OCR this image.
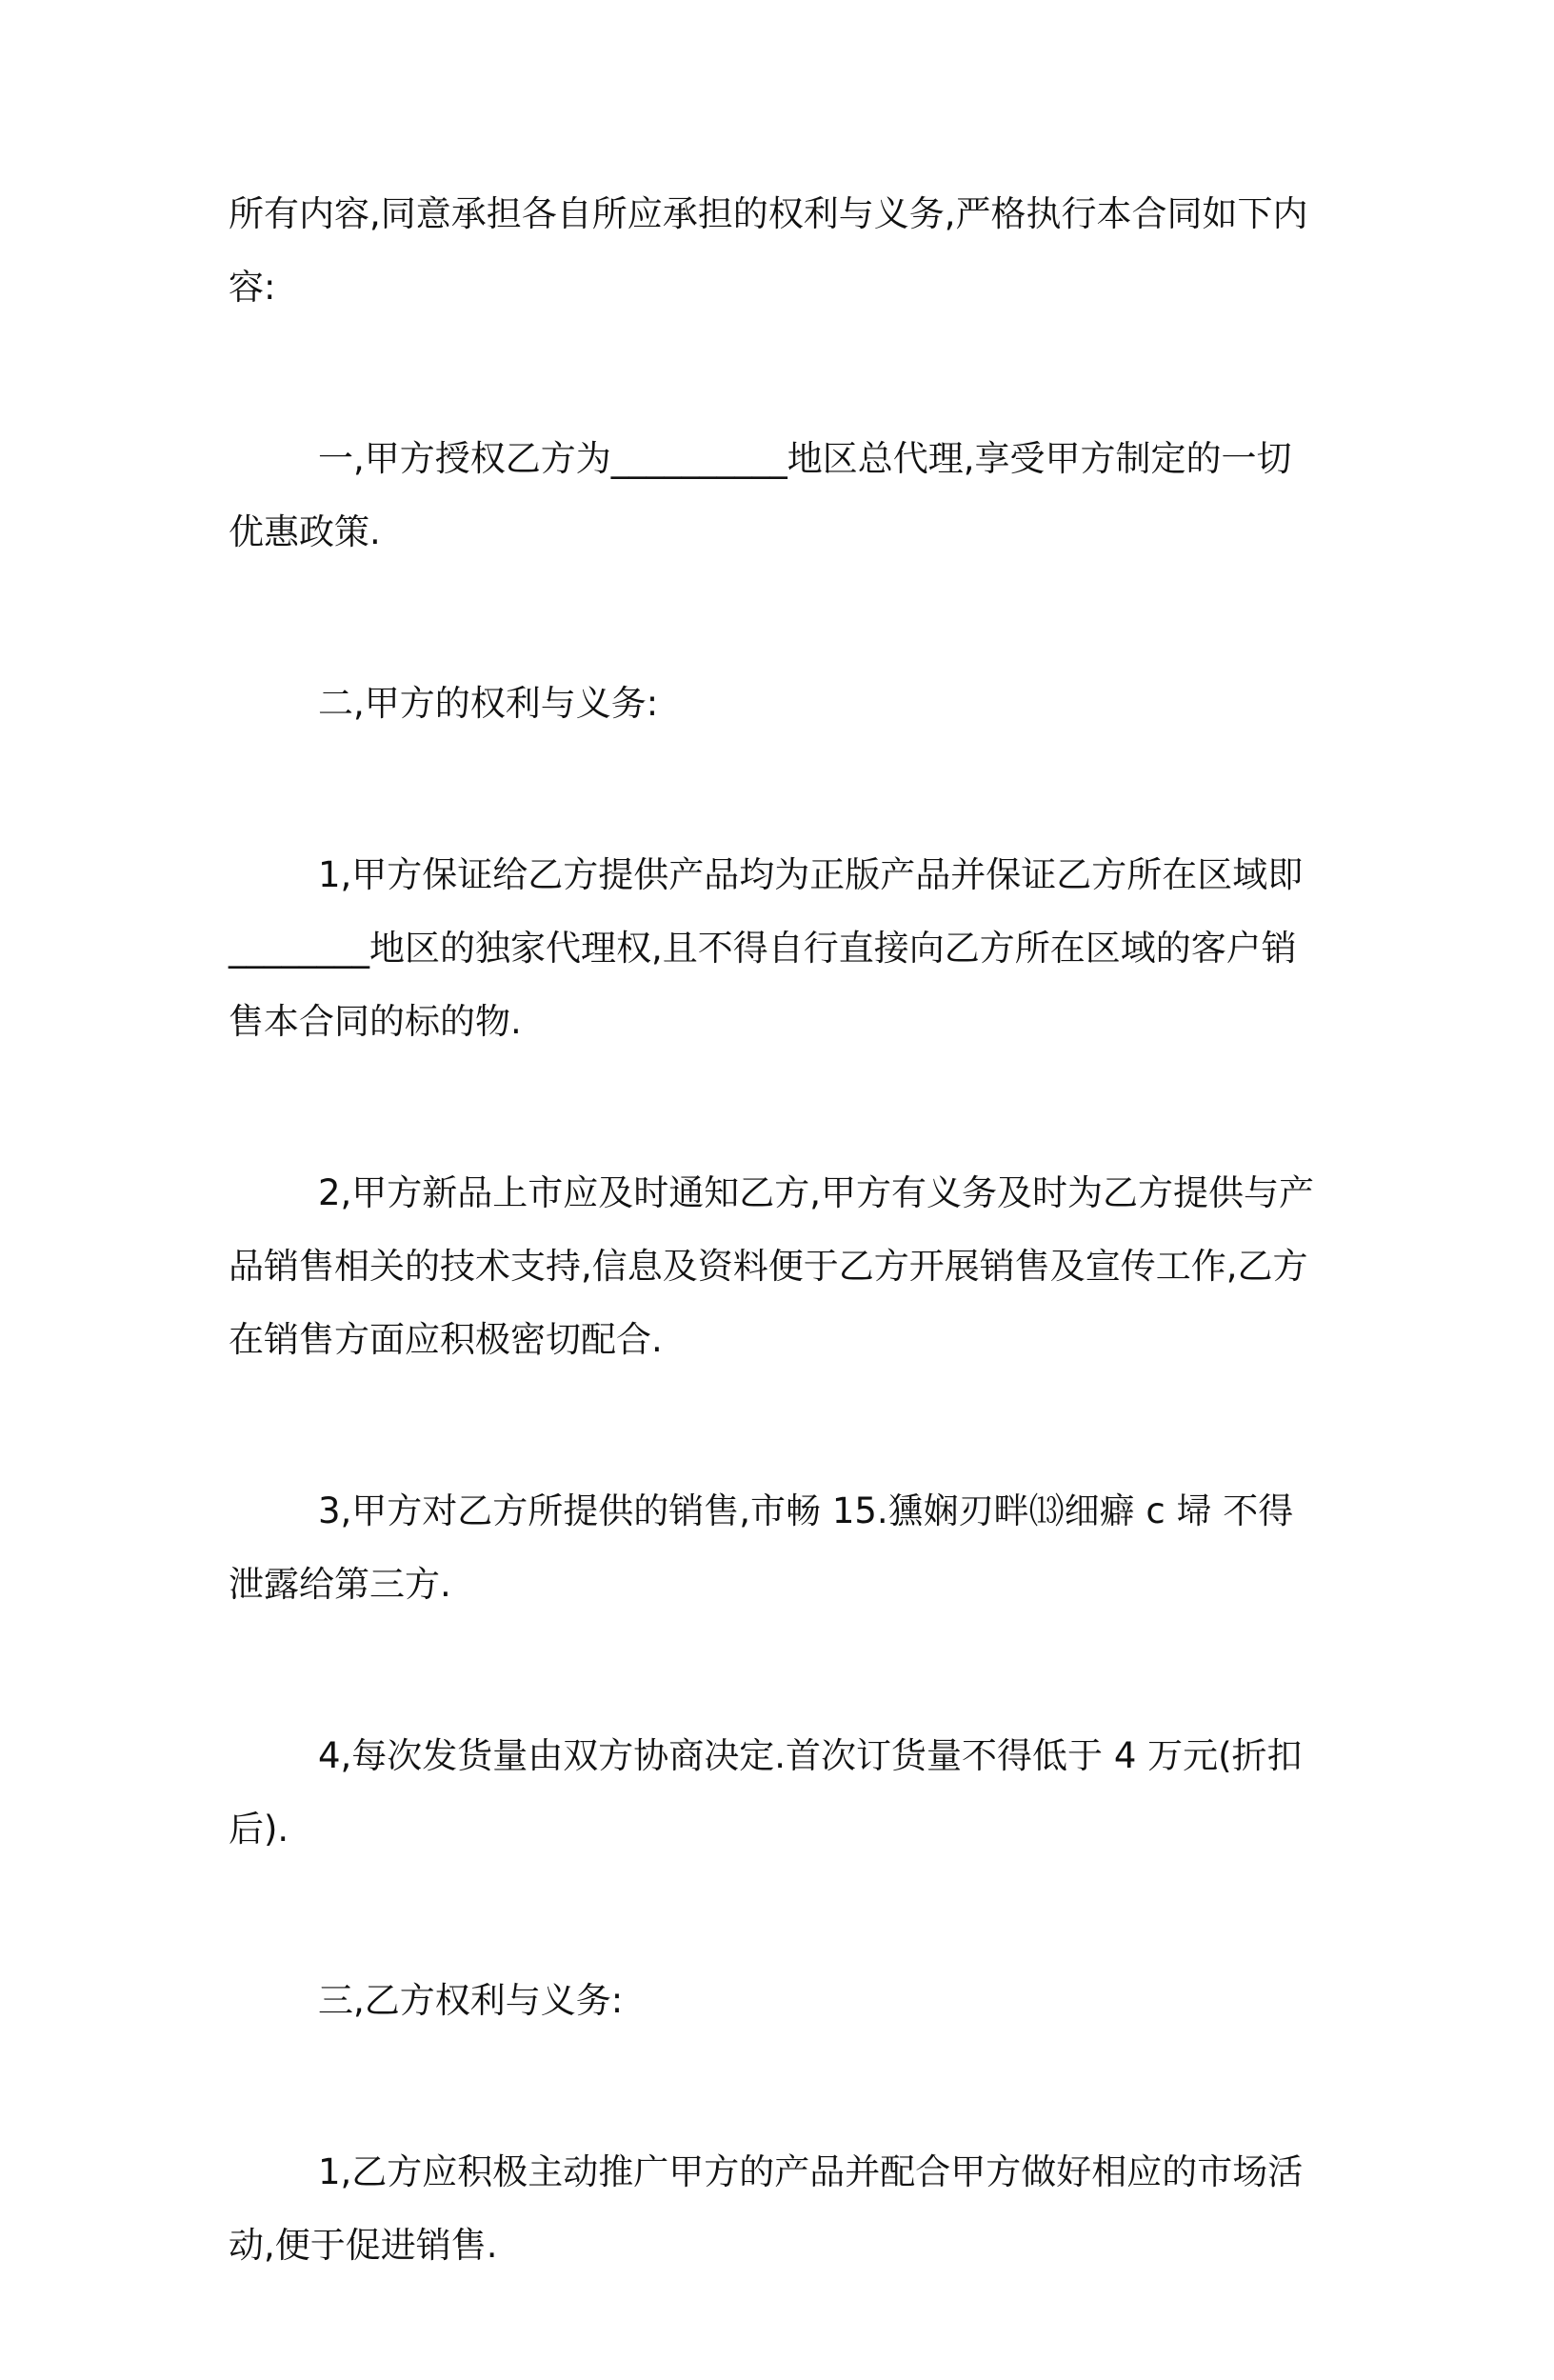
所有内容,同意承担各自所应承担的权利与义务,严格执行本合同如下内容:

一,甲方授权乙方为__________地区总代理,享受甲方制定的一切优惠政策.

二,甲方的权利与义务:

1,甲方保证给乙方提供产品均为正版产品并保证乙方所在区域即________地区的独家代理权,且不得自行直接向乙方所在区域的客户销售本合同的标的物.

2,甲方新品上市应及时通知乙方,甲方有义务及时为乙方提供与产品销售相关的技术支持,信息及资料便于乙方开展销售及宣传工作,乙方在销售方面应积极密切配合.

3,甲方对乙方所提供的销售,市畅 15.獯娴刃畔⒀细癖 c 埽 不得泄露给第三方.

4,每次发货量由双方协商决定.首次订货量不得低于 4 万元(折扣后).

三,乙方权利与义务:

1,乙方应积极主动推广甲方的产品并配合甲方做好相应的市场活动,便于促进销售.
